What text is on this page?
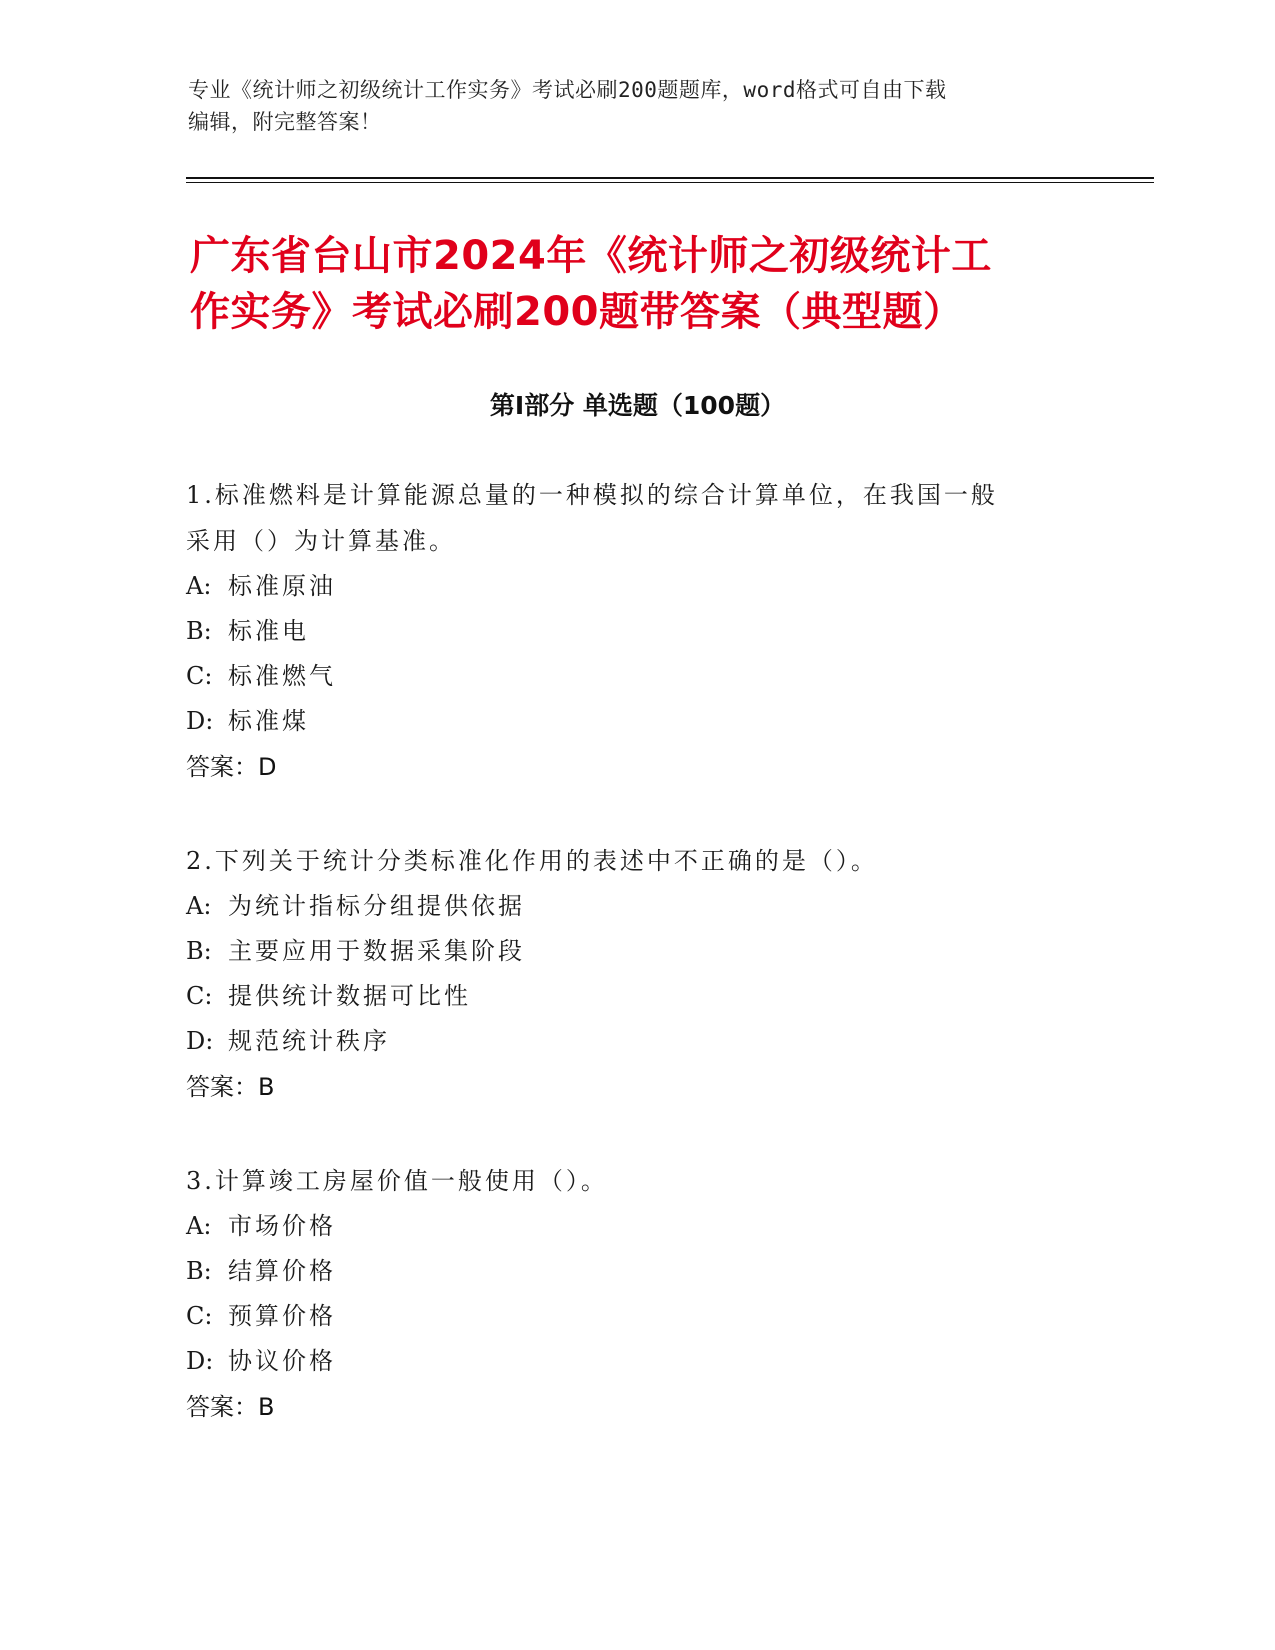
专业《统计师之初级统计工作实务》考试必刷200题题库，word格式可自由下载
编辑，附完整答案！
广东省台山市2024年《统计师之初级统计工
作实务》考试必刷200题带答案（典型题）
第Ⅰ部分 单选题（100题）

1.标准燃料是计算能源总量的一种模拟的综合计算单位，在我国一般

采用（）为计算基准。

A: 标准原油

B: 标准电

C: 标准燃气

D: 标准煤

答案：D

2.下列关于统计分类标准化作用的表述中不正确的是（）。

A: 为统计指标分组提供依据

B: 主要应用于数据采集阶段

C: 提供统计数据可比性

D: 规范统计秩序

答案：B

3.计算竣工房屋价值一般使用（）。

A: 市场价格

B: 结算价格

C: 预算价格

D: 协议价格

答案：B
